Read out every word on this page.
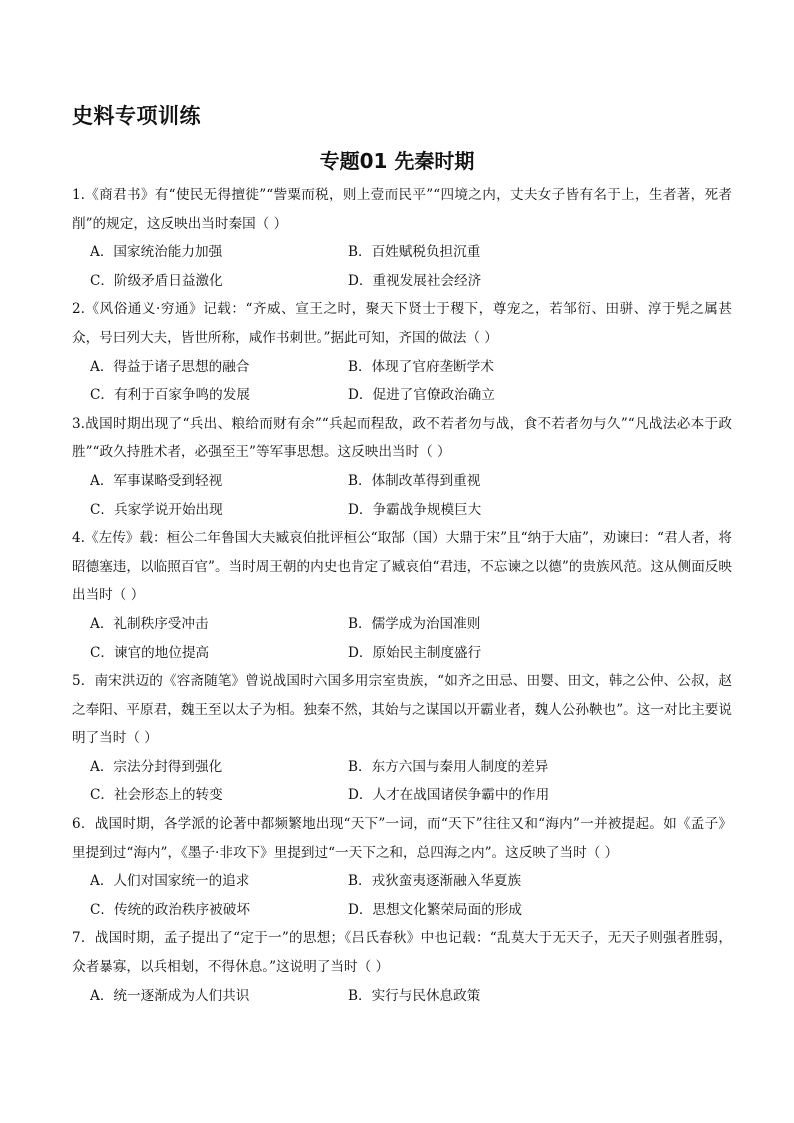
史料专项训练
专题01 先秦时期
1.《商君书》有“使民无得擅徙”“訾粟而税，则上壹而民平”“四境之内，丈夫女子皆有名于上，生者著，死者削”的规定，这反映出当时秦国（ ）
A．国家统治能力加强	B．百姓赋税负担沉重
C．阶级矛盾日益激化	D．重视发展社会经济
2.《风俗通义·穷通》记载：“齐威、宣王之时，聚天下贤士于稷下，尊宠之，若邹衍、田骈、淳于髡之属甚众，号曰列大夫，皆世所称，咸作书刺世。”据此可知，齐国的做法（ ）
A．得益于诸子思想的融合	B．体现了官府垄断学术
C．有利于百家争鸣的发展	D．促进了官僚政治确立
3.战国时期出现了“兵出、粮给而财有余”“兵起而程敌，政不若者勿与战，食不若者勿与久”“凡战法必本于政胜”“政久持胜术者，必强至王”等军事思想。这反映出当时（ ）
A．军事谋略受到轻视	B．体制改革得到重视
C．兵家学说开始出现	D．争霸战争规模巨大
4.《左传》载：桓公二年鲁国大夫臧哀伯批评桓公“取郜（国）大鼎于宋”且“纳于大庙”，劝谏曰：“君人者，将昭德塞违，以临照百官”。当时周王朝的内史也肯定了臧哀伯“君违，不忘谏之以德”的贵族风范。这从侧面反映出当时（ ）
A．礼制秩序受冲击	B．儒学成为治国准则
C．谏官的地位提高	D．原始民主制度盛行
5．南宋洪迈的《容斋随笔》曾说战国时六国多用宗室贵族，“如齐之田忌、田婴、田文，韩之公仲、公叔，赵之奉阳、平原君，魏王至以太子为相。独秦不然，其始与之谋国以开霸业者，魏人公孙鞅也”。这一对比主要说明了当时（ ）
A．宗法分封得到强化	B．东方六国与秦用人制度的差异
C．社会形态上的转变	D．人才在战国诸侯争霸中的作用
6．战国时期，各学派的论著中都频繁地出现“天下”一词，而“天下”往往又和“海内”一并被提起。如《孟子》里提到过“海内”，《墨子·非攻下》里提到过“一天下之和，总四海之内”。这反映了当时（ ）
A．人们对国家统一的追求	B．戎狄蛮夷逐渐融入华夏族
C．传统的政治秩序被破坏	D．思想文化繁荣局面的形成
7．战国时期，孟子提出了“定于一”的思想；《吕氏春秋》中也记载：“乱莫大于无天子，无天子则强者胜弱，众者暴寡，以兵相刬，不得休息。”这说明了当时（ ）
A．统一逐渐成为人们共识	B．实行与民休息政策
